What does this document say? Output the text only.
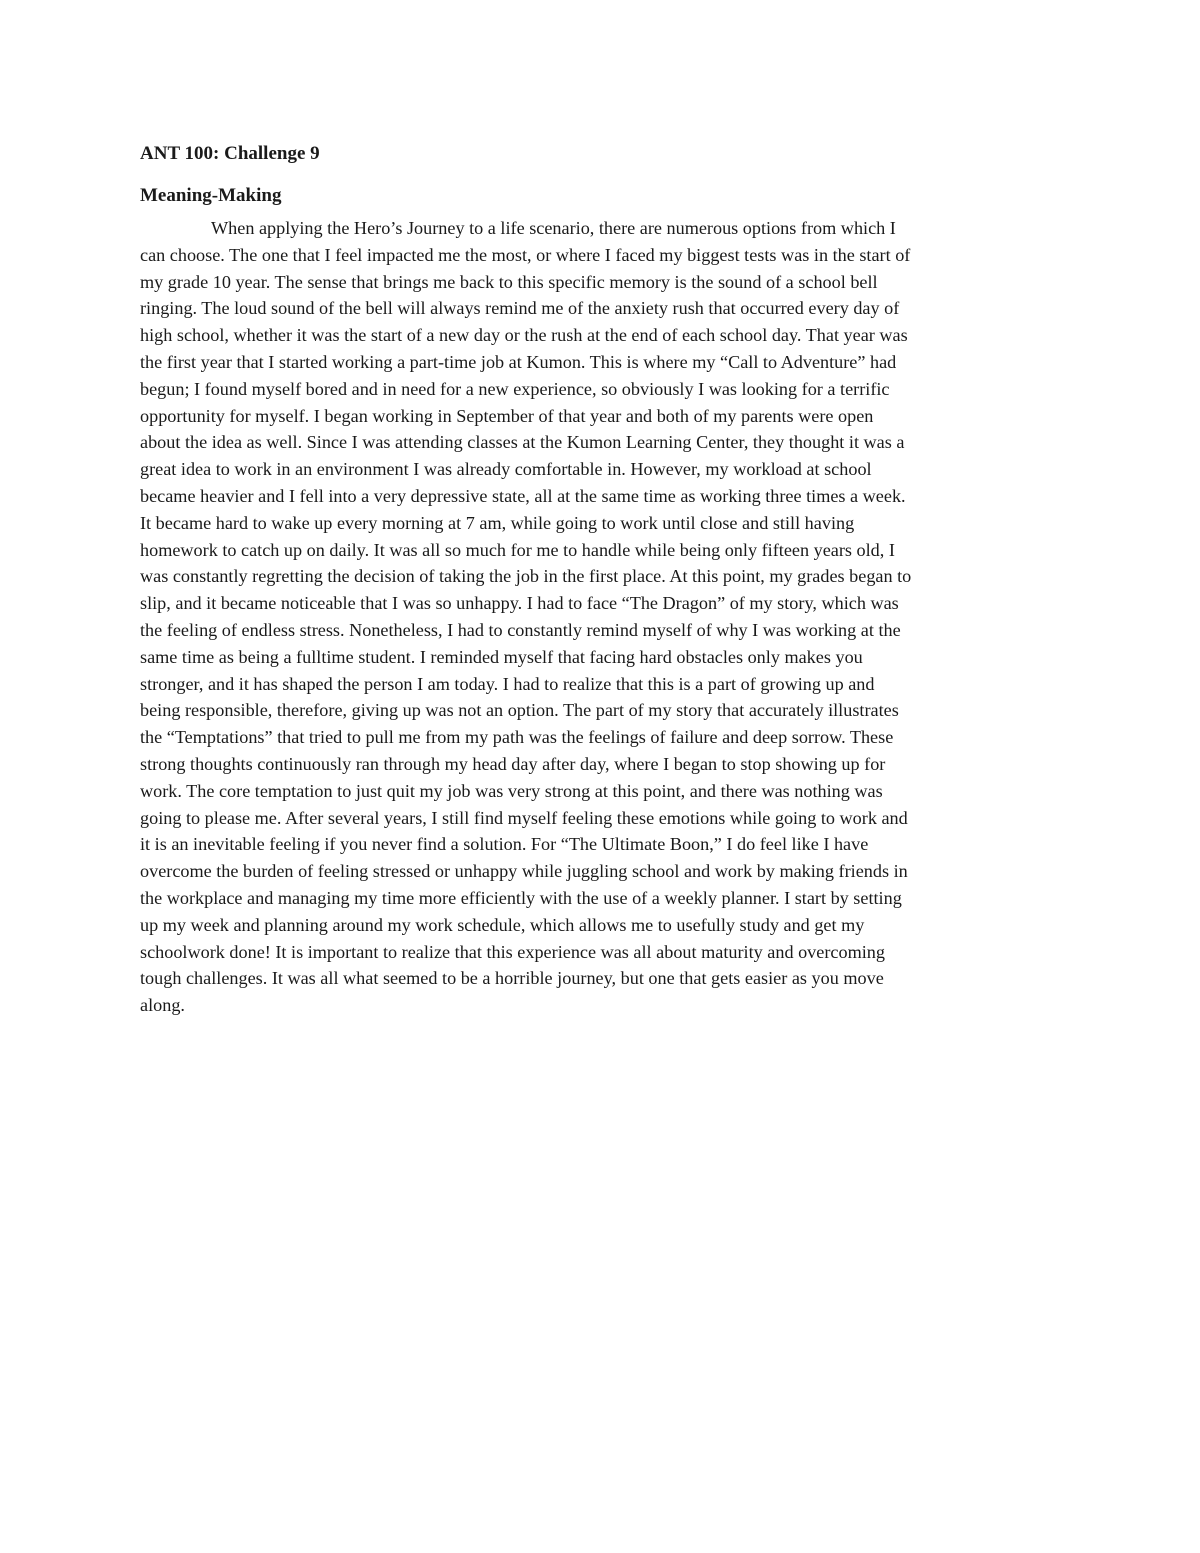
ANT 100: Challenge 9
Meaning-Making

When applying the Hero’s Journey to a life scenario, there are numerous options from which I
can choose. The one that I feel impacted me the most, or where I faced my biggest tests was in the start of
my grade 10 year. The sense that brings me back to this specific memory is the sound of a school bell
ringing. The loud sound of the bell will always remind me of the anxiety rush that occurred every day of
high school, whether it was the start of a new day or the rush at the end of each school day. That year was
the first year that I started working a part-time job at Kumon. This is where my “Call to Adventure” had
begun; I found myself bored and in need for a new experience, so obviously I was looking for a terrific
opportunity for myself. I began working in September of that year and both of my parents were open
about the idea as well. Since I was attending classes at the Kumon Learning Center, they thought it was a
great idea to work in an environment I was already comfortable in. However, my workload at school
became heavier and I fell into a very depressive state, all at the same time as working three times a week.
It became hard to wake up every morning at 7 am, while going to work until close and still having
homework to catch up on daily. It was all so much for me to handle while being only fifteen years old, I
was constantly regretting the decision of taking the job in the first place. At this point, my grades began to
slip, and it became noticeable that I was so unhappy. I had to face “The Dragon” of my story, which was
the feeling of endless stress. Nonetheless, I had to constantly remind myself of why I was working at the
same time as being a fulltime student. I reminded myself that facing hard obstacles only makes you
stronger, and it has shaped the person I am today. I had to realize that this is a part of growing up and
being responsible, therefore, giving up was not an option. The part of my story that accurately illustrates
the “Temptations” that tried to pull me from my path was the feelings of failure and deep sorrow. These
strong thoughts continuously ran through my head day after day, where I began to stop showing up for
work. The core temptation to just quit my job was very strong at this point, and there was nothing was
going to please me. After several years, I still find myself feeling these emotions while going to work and
it is an inevitable feeling if you never find a solution. For “The Ultimate Boon,” I do feel like I have
overcome the burden of feeling stressed or unhappy while juggling school and work by making friends in
the workplace and managing my time more efficiently with the use of a weekly planner. I start by setting
up my week and planning around my work schedule, which allows me to usefully study and get my
schoolwork done! It is important to realize that this experience was all about maturity and overcoming
tough challenges. It was all what seemed to be a horrible journey, but one that gets easier as you move
along.
